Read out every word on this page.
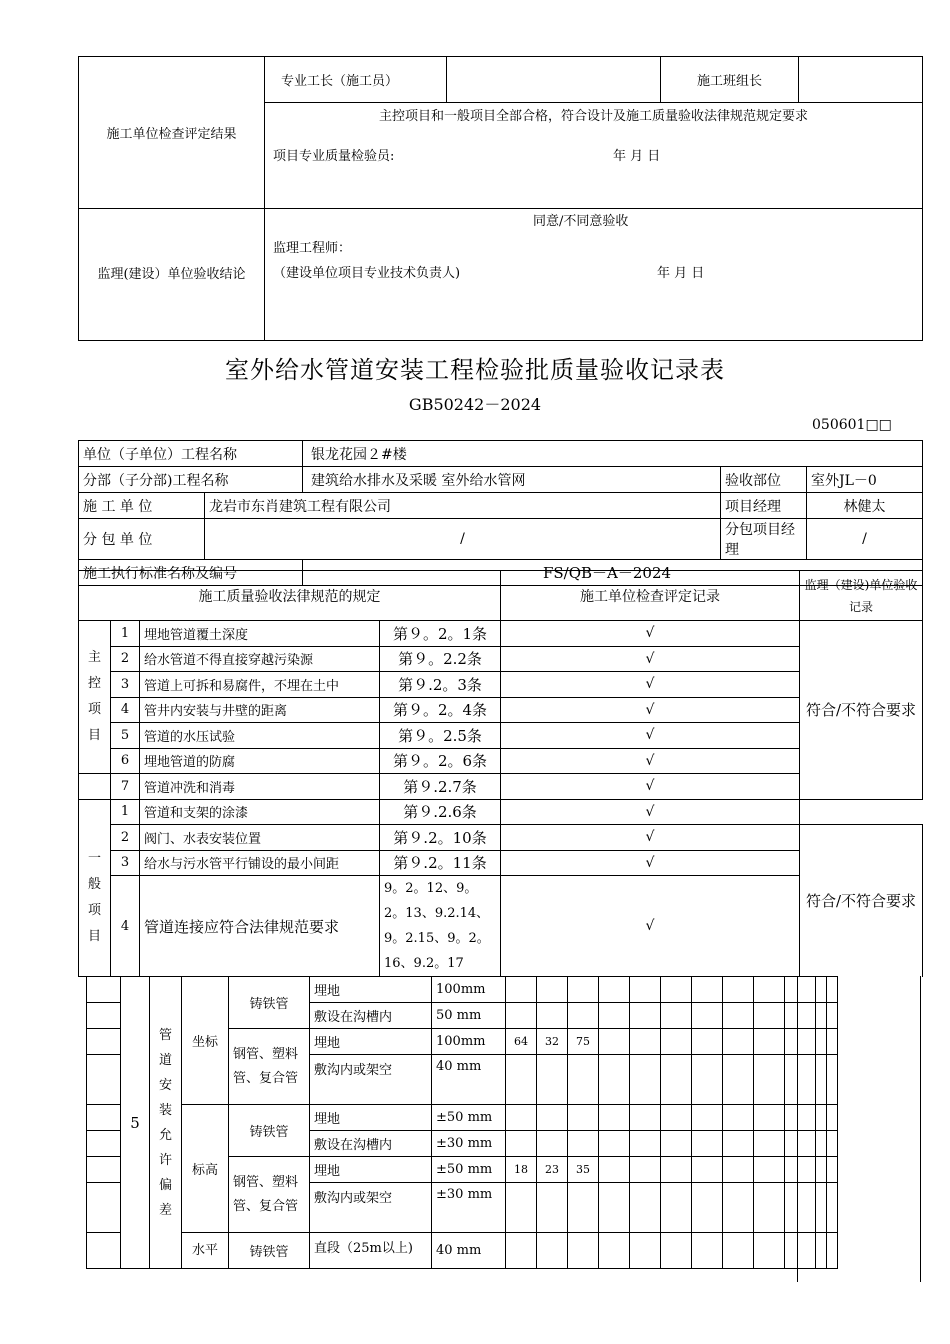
施工单位检查评定结果	专业工长（施工员）		施工班组长	

	主控项目和一般项目全部合格，符合设计及施工质量验收法律规范规定要求
项目专业质量检验员: 年 月 日			

监理(建设）单位验收结论	同意/不同意验收
监理工程师：
（建设单位项目专业技术负责人) 年 月 日			
室外给水管道安装工程检验批质量验收记录表
GB50242－2024
050601□□
单位（子单位）工程名称		银龙花园２#楼		
分部（子分部)工程名称		建筑给水排水及采暖 室外给水管网	验收部位	室外JL－0
施 工 单 位	龙岩市东肖建筑工程有限公司		项目经理	林健太
分 包 单 位	/		分包项目经理	/
施工执行标准名称及编号		FS/QB－A－2024		
施工质量验收法律规范的规定				施工单位检查评定记录	监理（建设)单位验收记录
主控项目	1	埋地管道覆土深度	第９。2。1条	√	符合/不符合要求
	2	给水管道不得直接穿越污染源	第９。2.2条	√	
	3	管道上可拆和易腐件，不埋在土中	第９.2。3条	√	
	4	管井内安装与井壁的距离	第９。2。4条	√	
	5	管道的水压试验	第９。2.5条	√	
	6	埋地管道的防腐	第９。2。6条	√	
	7	管道冲洗和消毒	第９.2.7条	√	
一般项目	1	管道和支架的涂漆	第９.2.6条	√	
	2	阀门、水表安装位置	第９.2。10条	√	符合/不符合要求
	3	给水与污水管平行铺设的最小间距	第９.2。11条	√	
	4	管道连接应符合法律规范要求	9。2。12、9。2。13、9.2.14、9。2.15、9。2。16、9.2。17	√	
	5	管道安装允许偏差	坐标	铸铁管	埋地	100mm												
					敷设在沟槽内	50 mm												
				钢管、塑料管、复合管	埋地	100mm	64	32	75									
					敷沟内或架空	40 mm												
			标高	铸铁管	埋地	±50 mm												
					敷设在沟槽内	±30 mm												
				钢管、塑料管、复合管	埋地	±50 mm	18	23	35									
					敷沟内或架空	±30 mm												
			水平	铸铁管	直段（25m以上)	40 mm												
